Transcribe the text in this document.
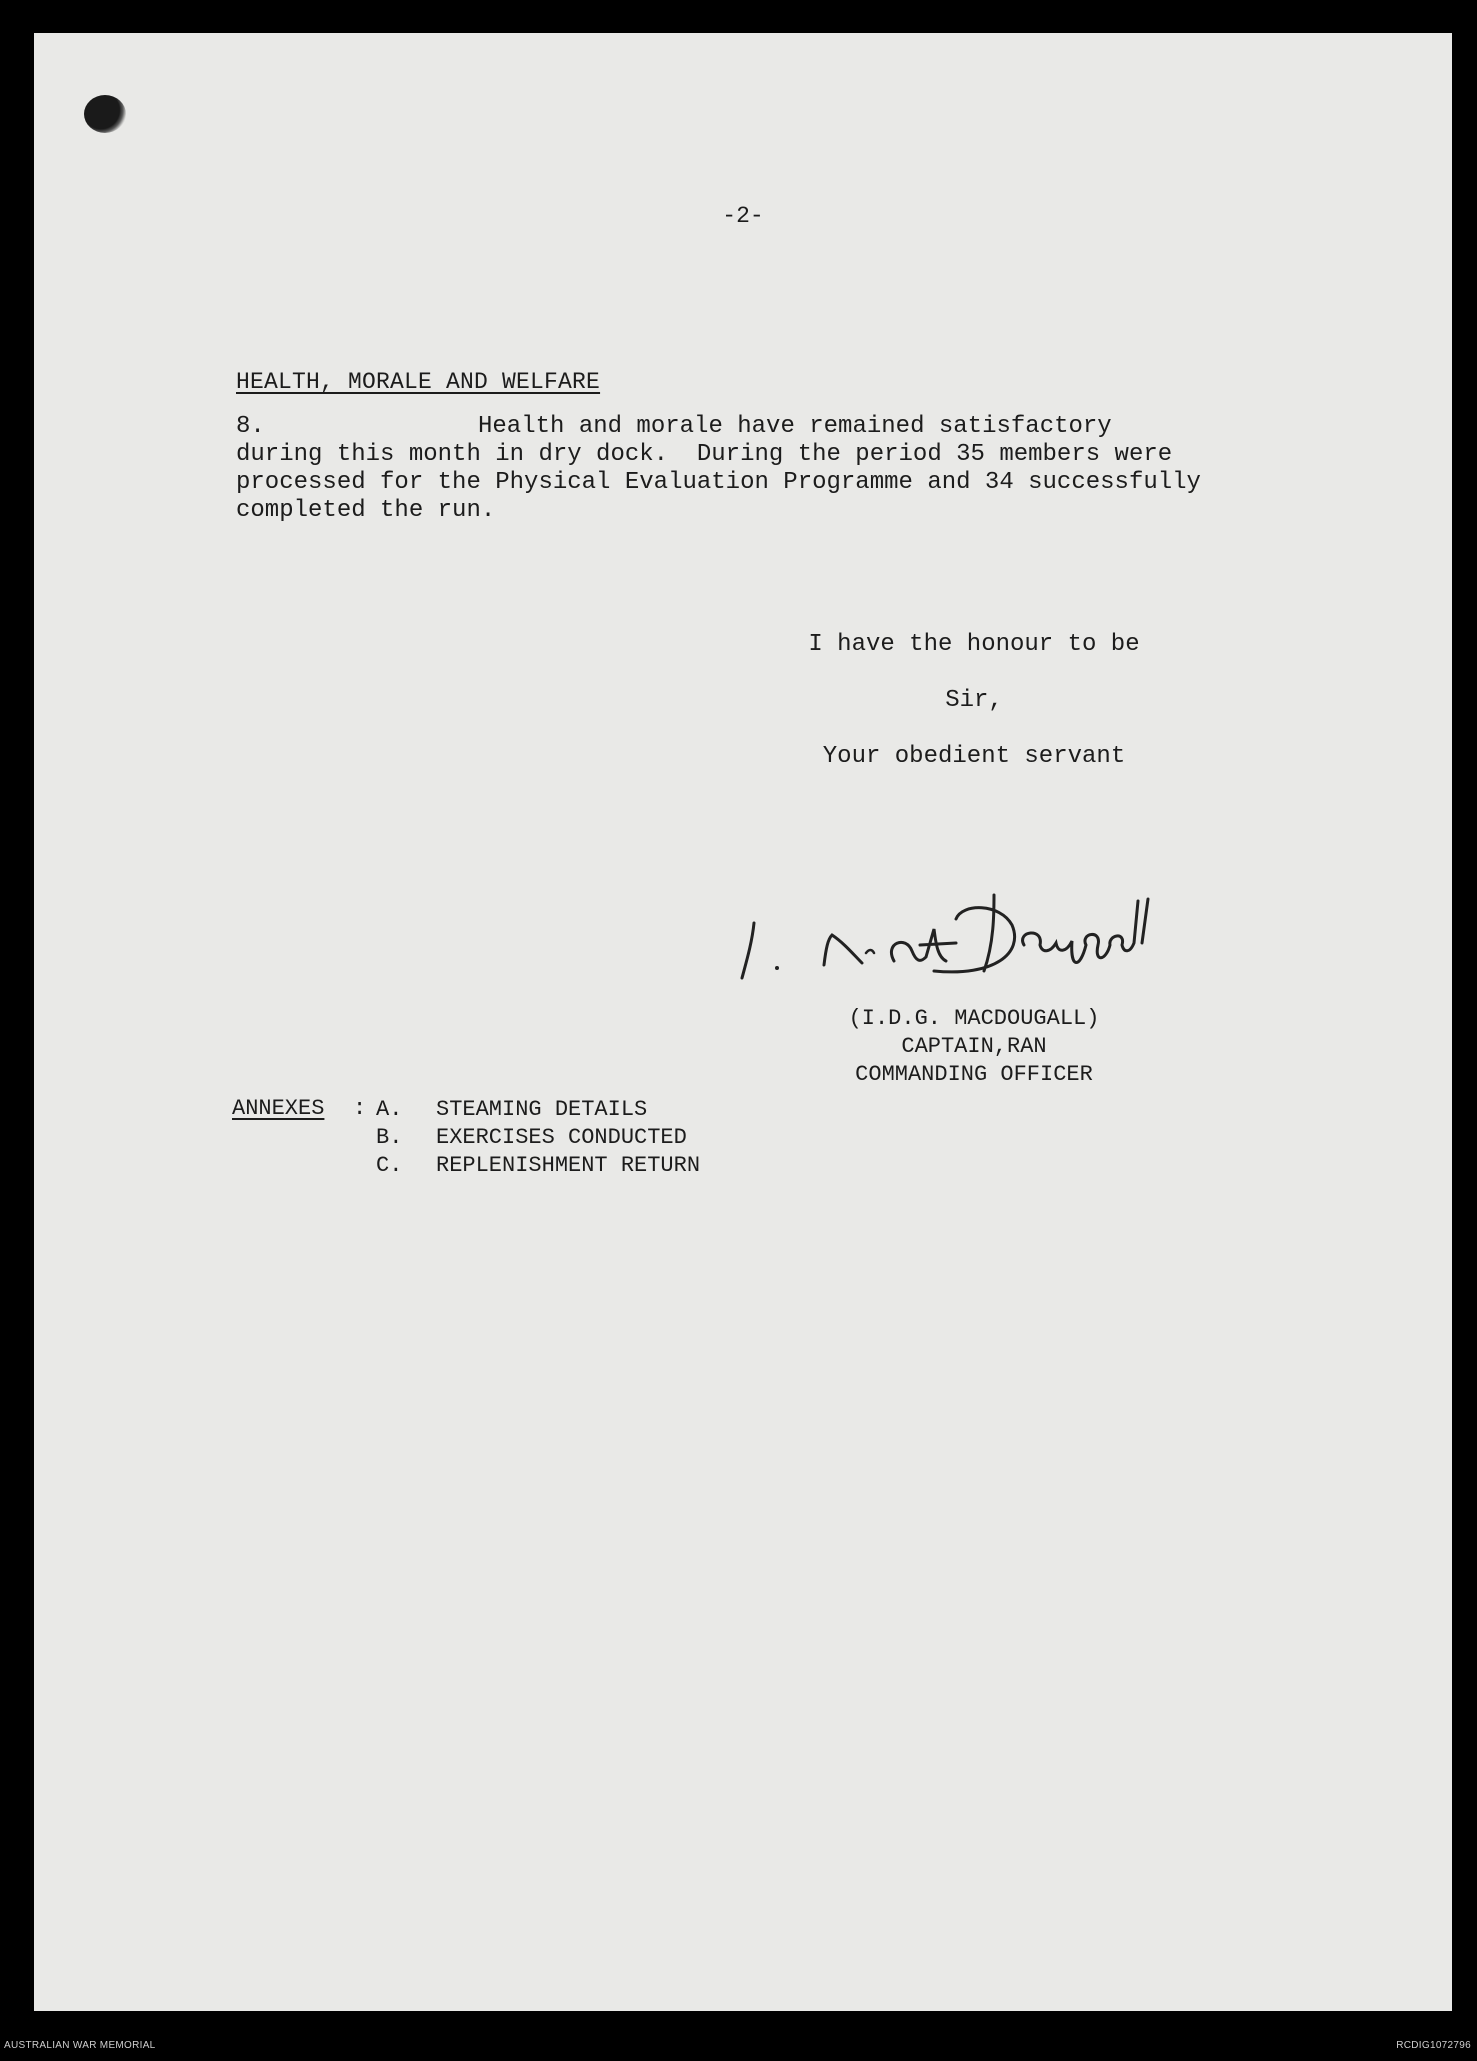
-2-
HEALTH, MORALE AND WELFARE
8.	Health and morale have remained satisfactory
during this month in dry dock.  During the period 35 members were
processed for the Physical Evaluation Programme and 34 successfully
completed the run.
I have the honour to be
Sir,
Your obedient servant
(I.D.G. MACDOUGALL)
CAPTAIN,RAN
COMMANDING OFFICER
ANNEXES : A. STEAMING DETAILS
B. EXERCISES CONDUCTED
C. REPLENISHMENT RETURN
AUSTRALIAN WAR MEMORIAL	RCDIG1072796
